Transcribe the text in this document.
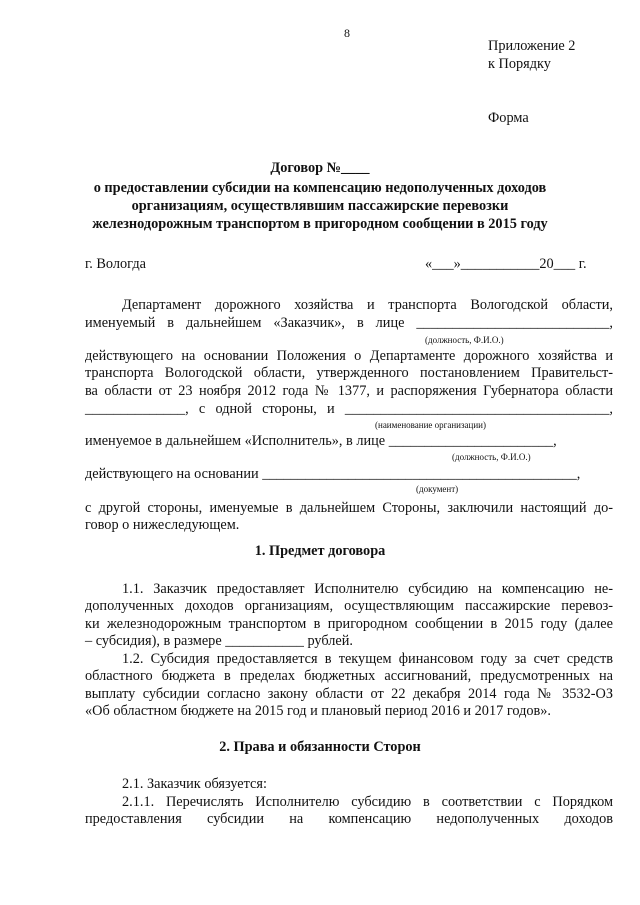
8
Приложение 2
к Порядку
Форма
Договор №____
о предоставлении субсидии на компенсацию недополученных доходов
организациям, осуществлявшим пассажирские перевозки
железнодорожным транспортом в пригородном сообщении в 2015 году
г. Вологда	«___»___________20___ г.
Департамент дорожного хозяйства и транспорта Вологодской области,
именуемый в дальнейшем «Заказчик», в лице ___________________________,
(должность, Ф.И.О.)
действующего на основании Положения о Департаменте дорожного хозяйства и
транспорта Вологодской области, утвержденного постановлением Правительст-
ва области от 23 ноября 2012 года № 1377, и распоряжения Губернатора области
______________, с одной стороны, и _____________________________________,
(наименование организации)
именуемое в дальнейшем «Исполнитель», в лице _______________________,
(должность, Ф.И.О.)
действующего на основании ____________________________________________,
(документ)
с другой стороны, именуемые в дальнейшем Стороны, заключили настоящий до-
говор о нижеследующем.
1. Предмет договора
1.1. Заказчик предоставляет Исполнителю субсидию на компенсацию не-
дополученных доходов организациям, осуществляющим пассажирские перевоз-
ки железнодорожным транспортом в пригородном сообщении в 2015 году (далее
– субсидия), в размере ___________ рублей.
1.2. Субсидия предоставляется в текущем финансовом году за счет средств
областного бюджета в пределах бюджетных ассигнований, предусмотренных на
выплату субсидии согласно закону области от 22 декабря 2014 года № 3532-ОЗ
«Об областном бюджете на 2015 год и плановый период 2016 и 2017 годов».
2. Права и обязанности Сторон
2.1. Заказчик обязуется:
2.1.1. Перечислять Исполнителю субсидию в соответствии с Порядком
предоставления субсидии на компенсацию недополученных доходов
